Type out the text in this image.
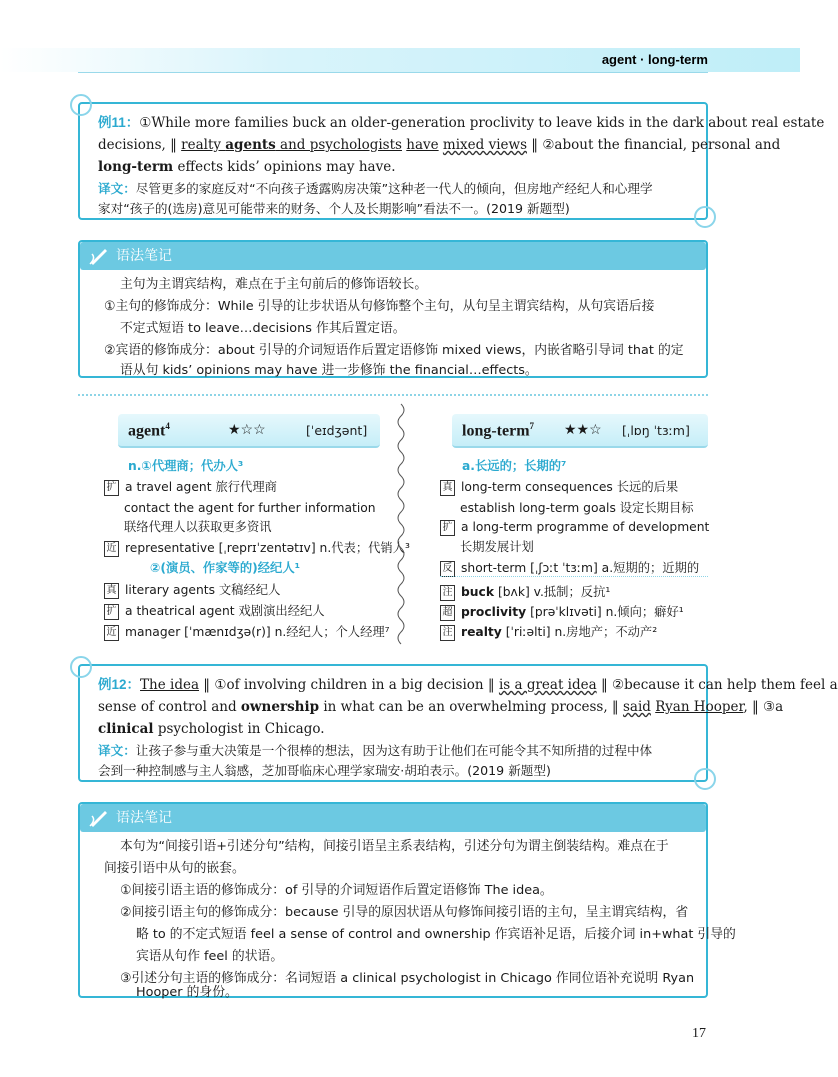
agent · long-term
例11：①While more families buck an older-generation proclivity to leave kids in the dark about real estate
decisions, ‖ realty agents and psychologists have mixed views ‖ ②about the financial, personal and
long-term effects kids’ opinions may have.
译文：尽管更多的家庭反对“不向孩子透露购房决策”这种老一代人的倾向，但房地产经纪人和心理学
家对“孩子的(选房)意见可能带来的财务、个人及长期影响”看法不一。(2019 新题型)
语法笔记
主句为主谓宾结构，难点在于主句前后的修饰语较长。
①主句的修饰成分：While 引导的让步状语从句修饰整个主句，从句呈主谓宾结构，从句宾语后接
不定式短语 to leave…decisions 作其后置定语。
②宾语的修饰成分：about 引导的介词短语作后置定语修饰 mixed views，内嵌省略引导词 that 的定
语从句 kids’ opinions may have 进一步修饰 the financial…effects。
agent$^4$	★☆☆	[ˈeɪdʒənt]
n.①代理商；代办人³
扩 a travel agent 旅行代理商
contact the agent for further information
联络代理人以获取更多资讯
近 representative [ˌreprɪˈzentətɪv] n.代表；代销人³
②(演员、作家等的)经纪人¹
真 literary agents 文稿经纪人
扩 a theatrical agent 戏剧演出经纪人
近 manager [ˈmænɪdʒə(r)] n.经纪人；个人经理⁷
long-term$^7$ ★★☆ [ˌlɒŋ ˈtɜːm]
a.长远的；长期的⁷
真 long-term consequences 长远的后果
establish long-term goals 设定长期目标
扩 a long-term programme of development
长期发展计划
反 short-term [ˌʃɔːt ˈtɜːm] a.短期的；近期的
注 buck [bʌk] v.抵制；反抗¹
超 proclivity [prəˈklɪvəti] n.倾向；癖好¹
注 realty [ˈriːəlti] n.房地产；不动产²
例12：The idea ‖ ①of involving children in a big decision ‖ is a great idea ‖ ②because it can help them feel a
sense of control and ownership in what can be an overwhelming process, ‖ said Ryan Hooper, ‖ ③a
clinical psychologist in Chicago.
译文：让孩子参与重大决策是一个很棒的想法，因为这有助于让他们在可能令其不知所措的过程中体
会到一种控制感与主人翁感，芝加哥临床心理学家瑞安·胡珀表示。(2019 新题型)
语法笔记
本句为“间接引语+引述分句”结构，间接引语呈主系表结构，引述分句为谓主倒装结构。难点在于
间接引语中从句的嵌套。
①间接引语主语的修饰成分：of 引导的介词短语作后置定语修饰 The idea。
②间接引语主句的修饰成分：because 引导的原因状语从句修饰间接引语的主句，呈主谓宾结构，省
略 to 的不定式短语 feel a sense of control and ownership 作宾语补足语，后接介词 in+what 引导的
宾语从句作 feel 的状语。
③引述分句主语的修饰成分：名词短语 a clinical psychologist in Chicago 作同位语补充说明 Ryan
Hooper 的身份。
17
